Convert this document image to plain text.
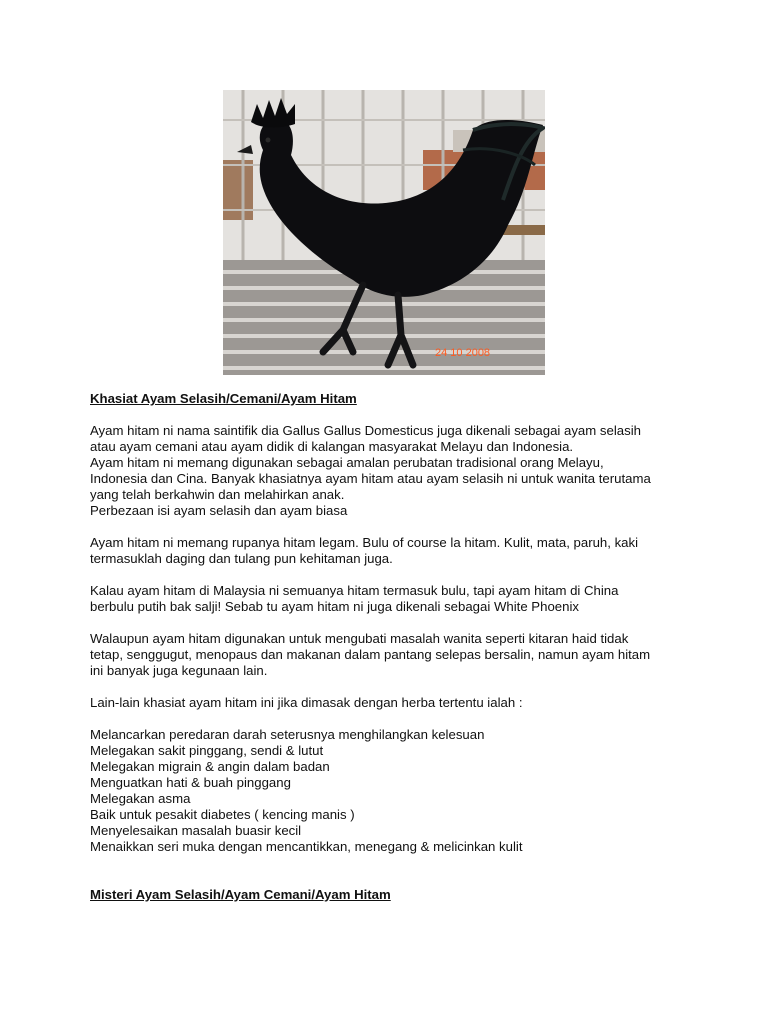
24 10 2008

Khasiat Ayam Selasih/Cemani/Ayam Hitam

Ayam hitam ni nama saintifik dia Gallus Gallus Domesticus juga dikenali sebagai ayam selasih

atau ayam cemani atau ayam didik di kalangan masyarakat Melayu dan Indonesia.

Ayam hitam ni memang digunakan sebagai amalan perubatan tradisional orang Melayu,

Indonesia dan Cina. Banyak khasiatnya ayam hitam atau ayam selasih ni untuk wanita terutama

yang telah berkahwin dan melahirkan anak.

Perbezaan isi ayam selasih dan ayam biasa

Ayam hitam ni memang rupanya hitam legam. Bulu of course la hitam. Kulit, mata, paruh, kaki

termasuklah daging dan tulang pun kehitaman juga.

Kalau ayam hitam di Malaysia ni semuanya hitam termasuk bulu, tapi ayam hitam di China

berbulu putih bak salji! Sebab tu ayam hitam ni juga dikenali sebagai White Phoenix

Walaupun ayam hitam digunakan untuk mengubati masalah wanita seperti kitaran haid tidak

tetap, senggugut, menopaus dan makanan dalam pantang selepas bersalin, namun ayam hitam

ini banyak juga kegunaan lain.

Lain-lain khasiat ayam hitam ini jika dimasak dengan herba tertentu ialah :

Melancarkan peredaran darah seterusnya menghilangkan kelesuan

Melegakan sakit pinggang, sendi & lutut

Melegakan migrain & angin dalam badan

Menguatkan hati & buah pinggang

Melegakan asma

Baik untuk pesakit diabetes ( kencing manis )

Menyelesaikan masalah buasir kecil

Menaikkan seri muka dengan mencantikkan, menegang & melicinkan kulit

Misteri Ayam Selasih/Ayam Cemani/Ayam Hitam
